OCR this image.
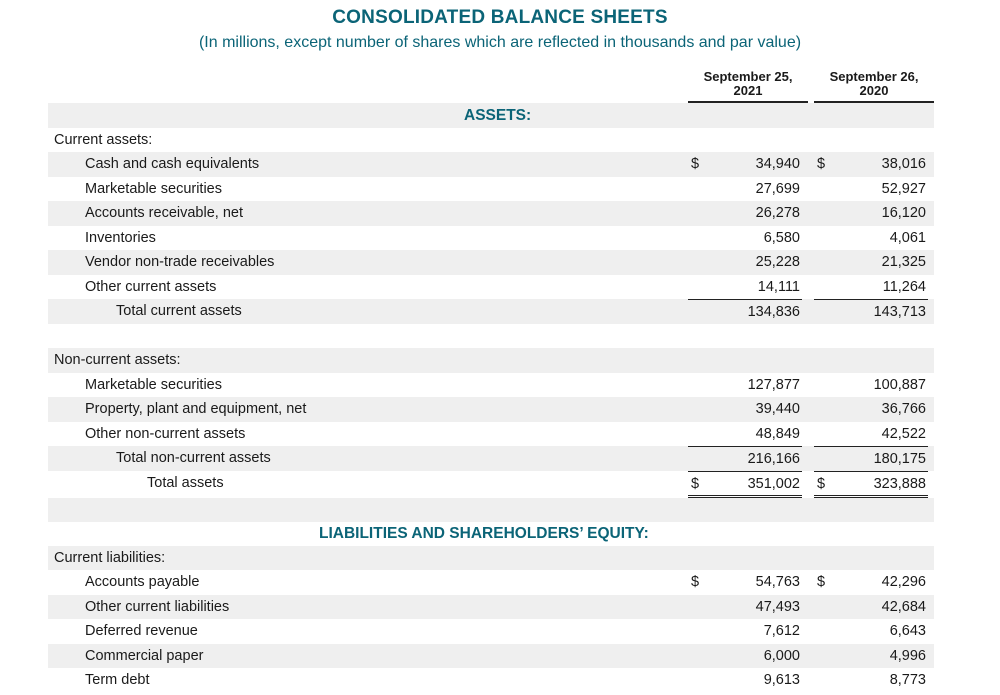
CONSOLIDATED BALANCE SHEETS
(In millions, except number of shares which are reflected in thousands and par value)
September 25,
2021
September 26,
2020
ASSETS:
Current assets:
Cash and cash equivalents	$	34,940 $	38,016
Marketable securities	27,699	52,927
Accounts receivable, net	26,278	16,120
Inventories	6,580	4,061
Vendor non-trade receivables	25,228	21,325
Other current assets	14,111	11,264
Total current assets	134,836	143,713
Non-current assets:
Marketable securities	127,877	100,887
Property, plant and equipment, net	39,440	36,766
Other non-current assets	48,849	42,522
Total non-current assets	216,166	180,175
Total assets	$	351,002 $	323,888
LIABILITIES AND SHAREHOLDERS’ EQUITY:
Current liabilities:
Accounts payable	$	54,763 $	42,296
Other current liabilities	47,493	42,684
Deferred revenue	7,612	6,643
Commercial paper	6,000	4,996
Term debt	9,613	8,773
